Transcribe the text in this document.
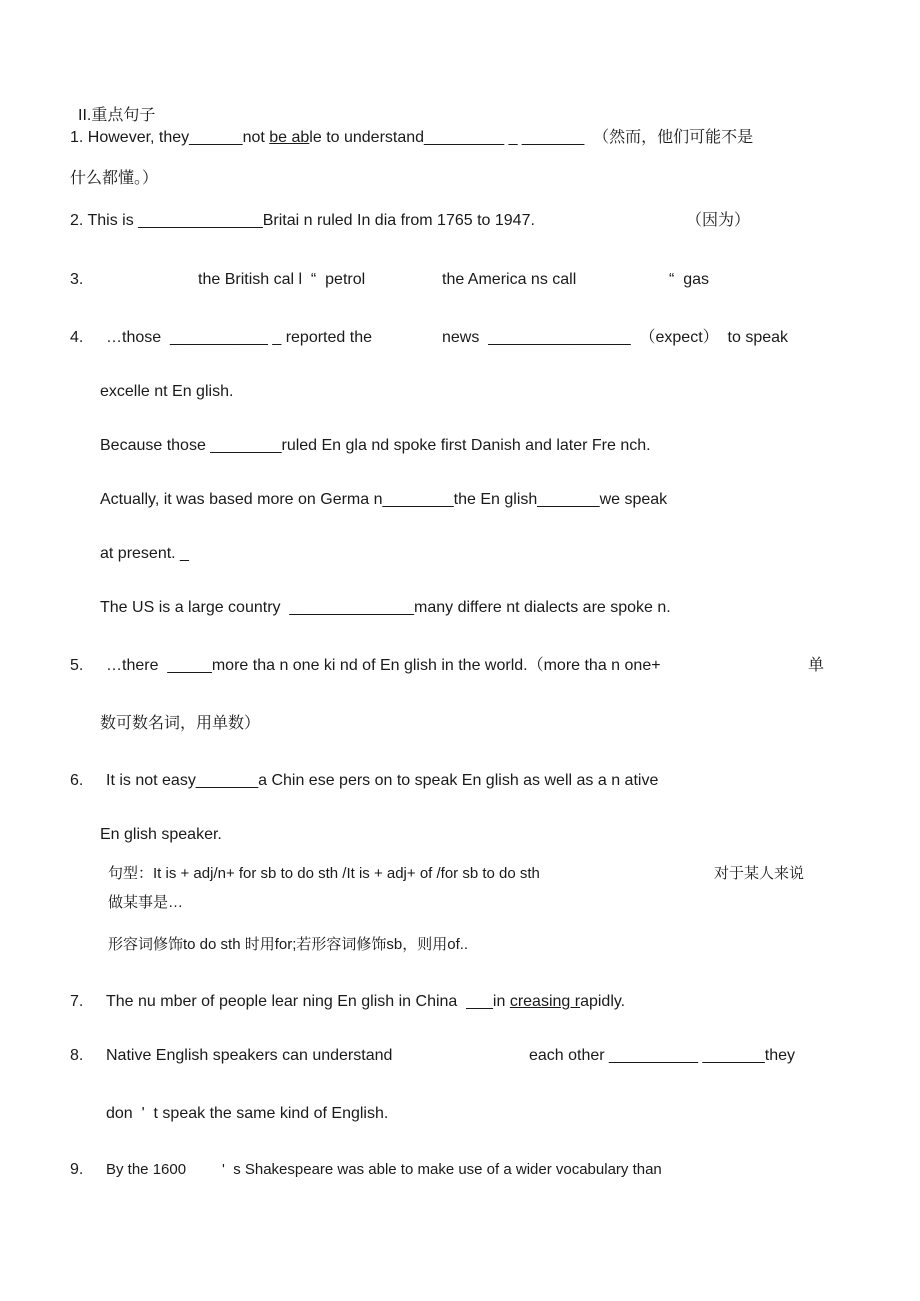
II.重点句子
1. However, they______not be able to understand_________ _ _______  （然而，他们可能不是
什么都懂。）
2. This is ______________Britai n ruled In dia from 1765 to 1947.	（因为）
3.	the British cal l  “  petrol	the America ns call	“  gas
4. …those  ___________ _ reported the	news  ________________  （expect）  to speak
excelle nt En glish.
Because those ________ruled En gla nd spoke first Danish and later Fre nch.
Actually, it was based more on Germa n________the En glish_______we speak
at present. _
The US is a large country  ______________many differe nt dialects are spoke n.
5. …there  _____more tha n one ki nd of En glish in the world.（more tha n one+	单
数可数名词，用单数）
6. It is not easy_______a Chin ese pers on to speak En glish as well as a n ative
En glish speaker.
句型：It is + adj/n+ for sb to do sth /It is + adj+ of /for sb to do sth	对于某人来说
做某事是…
形容词修饰to do sth 时用for;若形容词修饰sb，则用of..
7. The nu mber of people lear ning En glish in China  ___in creasing rapidly.
8. Native English speakers can understand	each other __________ _______they
don  '  t speak the same kind of English.
9. By the 1600 '  s Shakespeare was able to make use of a wider vocabulary than
